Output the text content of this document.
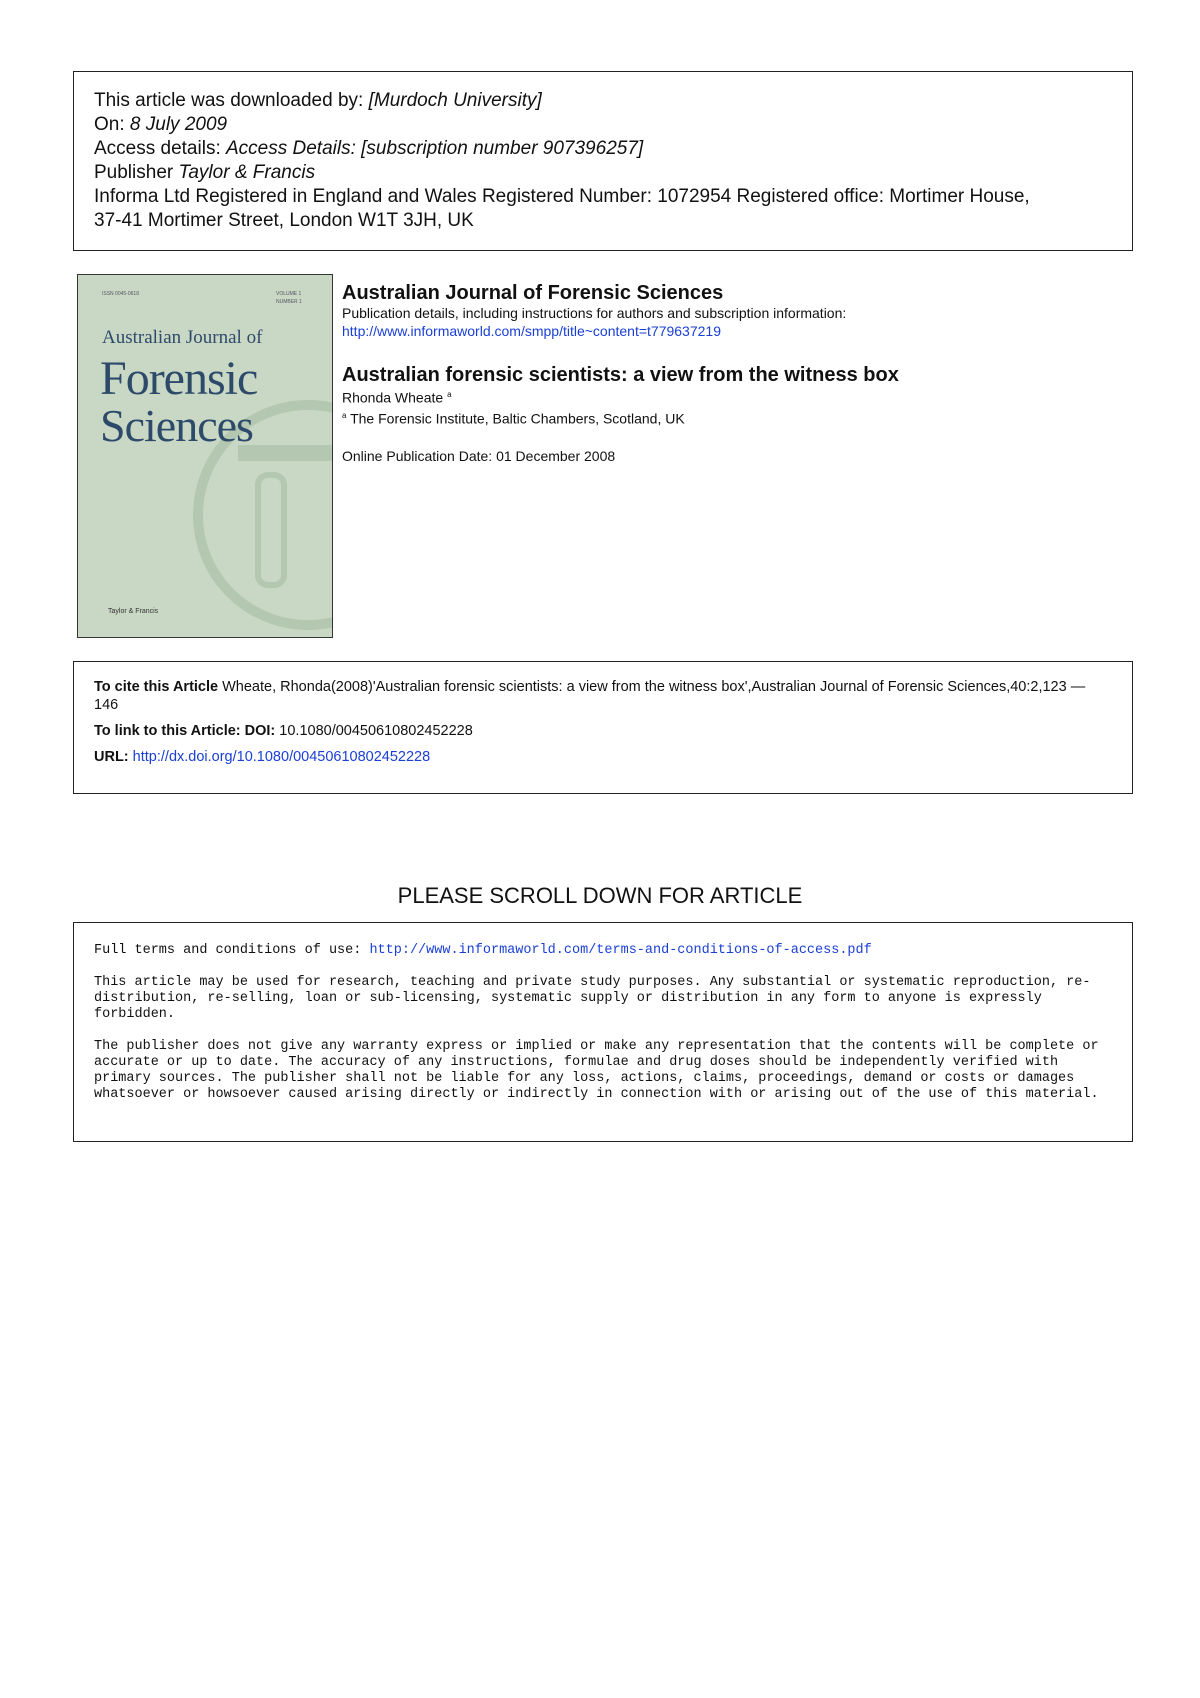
This article was downloaded by: [Murdoch University]
On: 8 July 2009
Access details: Access Details: [subscription number 907396257]
Publisher Taylor & Francis
Informa Ltd Registered in England and Wales Registered Number: 1072954 Registered office: Mortimer House,
37-41 Mortimer Street, London W1T 3JH, UK
ISSN 0045-0618	VOLUME 1
NUMBER 1
Australian Journal of
Forensic
Sciences
Taylor & Francis
Australian Journal of Forensic Sciences
Publication details, including instructions for authors and subscription information:
http://www.informaworld.com/smpp/title~content=t779637219
Australian forensic scientists: a view from the witness box
Rhonda Wheate $^a$
$^a$ The Forensic Institute, Baltic Chambers, Scotland, UK
Online Publication Date: 01 December 2008
To cite this Article Wheate, Rhonda(2008)'Australian forensic scientists: a view from the witness box',Australian Journal of Forensic Sciences,40:2,123 — 146
To link to this Article: DOI: 10.1080/00450610802452228
URL: http://dx.doi.org/10.1080/00450610802452228
PLEASE SCROLL DOWN FOR ARTICLE

Full terms and conditions of use: http://www.informaworld.com/terms-and-conditions-of-access.pdf

This article may be used for research, teaching and private study purposes. Any substantial or systematic reproduction, re-distribution, re-selling, loan or sub-licensing, systematic supply or distribution in any form to anyone is expressly forbidden.

The publisher does not give any warranty express or implied or make any representation that the contents will be complete or accurate or up to date. The accuracy of any instructions, formulae and drug doses should be independently verified with primary sources. The publisher shall not be liable for any loss, actions, claims, proceedings, demand or costs or damages whatsoever or howsoever caused arising directly or indirectly in connection with or arising out of the use of this material.
